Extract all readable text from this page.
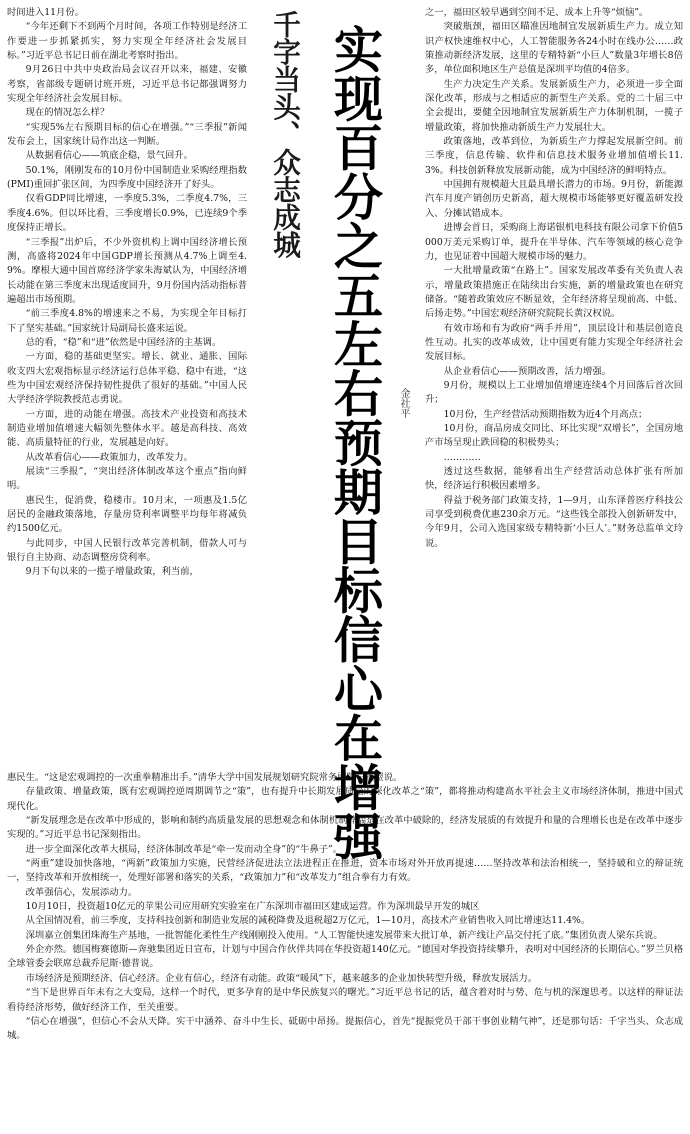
时间进入11月份。

“今年还剩下不到两个月时间，各项工作特别是经济工作要进一步抓紧抓实，努力实现全年经济社会发展目标。”习近平总书记日前在湖北考察时指出。

9月26日中共中央政治局会议召开以来，福建、安徽考察，省部级专题研讨班开班，习近平总书记都强调努力实现全年经济社会发展目标。

现在的情况怎么样？

“实现5%左右预期目标的信心在增强。”“三季报”新闻发布会上，国家统计局作出这一判断。

从数据看信心——筑底企稳，景气回升。

50.1%，刚刚发布的10月份中国制造业采购经理指数(PMI)重回扩张区间，为四季度中国经济开了好头。

仅看GDP同比增速，一季度5.3%，二季度4.7%，三季度4.6%。但以环比看，三季度增长0.9%，已连续9个季度保持正增长。

“三季报”出炉后，不少外资机构上调中国经济增长预测，高盛将2024年中国GDP增长预测从4.7%上调至4.9%。摩根大通中国首席经济学家朱海斌认为，中国经济增长动能在第三季度末出现适度回升，9月份国内活动指标普遍超出市场预期。

“前三季度4.8%的增速来之不易，为实现全年目标打下了坚实基础。”国家统计局副局长盛来运说。

总的看，“稳”和“进”依然是中国经济的主基调。

一方面，稳的基础更坚实。增长、就业、通胀、国际收支四大宏观指标显示经济运行总体平稳、稳中有进，“这些为中国宏观经济保持韧性提供了很好的基础。”中国人民大学经济学院教授范志勇说。

一方面，进的动能在增强。高技术产业投资和高技术制造业增加值增速大幅领先整体水平。越是高科技、高效能、高质量特征的行业，发展越是向好。

从改革看信心——政策加力，改革发力。

展读“三季报”，“突出经济体制改革这个重点”指向鲜明。

惠民生，促消费，稳楼市。10月末，一项惠及1.5亿居民的金融政策落地，存量房贷利率调整平均每年将减负约1500亿元。

与此同步，中国人民银行改革完善机制，借款人可与银行自主协商、动态调整房贷利率。

9月下旬以来的一揽子增量政策，利当前，

千字当头、众志成城 实现百分之五左右预期目标信心在增强 金社平

之一，福田区较早遇到空间不足、成本上升等“烦恼”。

突破瓶颈，福田区瞄准因地制宜发展新质生产力。成立知识产权快速维权中心，人工智能服务各24小时在线办公……政策推动新经济发展，这里的专精特新“小巨人”数量3年增长8倍多，单位面积地区生产总值是深圳平均值的4倍多。

生产力决定生产关系。发展新质生产力，必须进一步全面深化改革，形成与之相适应的新型生产关系。党的二十届三中全会提出，要健全因地制宜发展新质生产力体制机制，一揽子增量政策，将加快推动新质生产力发展壮大。

政策落地，改革到位，为新质生产力撑起发展新空间。前三季度，信息传输、软件和信息技术服务业增加值增长11.3%。科技创新释放发展新动能，成为中国经济的鲜明特点。

中国拥有规模超大且最具增长潜力的市场。9月份，新能源汽车月度产销创历史新高，超大规模市场能够更好覆盖研发投入、分摊试错成本。

进博会首日，采购商上海诺银机电科技有限公司拿下价值5000万美元采购订单，提升在半导体、汽车等领域的核心竞争力，也见证着中国超大规模市场的魅力。

一大批增量政策“在路上”。国家发展改革委有关负责人表示，增量政策措施正在陆续出台实施，新的增量政策也在研究储备。“随着政策效应不断显效，全年经济将呈现前高、中低、后扬走势。”中国宏观经济研究院院长黄汉权说。

有效市场和有为政府“两手并用”，顶层设计和基层创造良性互动。扎实的改革成效，让中国更有能力实现全年经济社会发展目标。

从企业看信心——预期改善，活力增强。

9月份，规模以上工业增加值增速连续4个月回落后首次回升；

10月份，生产经营活动预期指数为近4个月高点；

10月份，商品房成交同比、环比实现“双增长”，全国房地产市场呈现止跌回稳的积极势头；

…………

透过这些数据，能够看出生产经营活动总体扩张有所加快，经济运行积极因素增多。

得益于税务部门政策支持，1—9月，山东泽普医疗科技公司享受到税费优惠230余万元。“这些钱全部投入创新研发中，今年9月，公司入选国家级专精特新‘小巨人’。”财务总监单文玲说。

惠民生。“这是宏观调控的一次重拳精准出手。”清华大学中国发展规划研究院常务副院长董煜说。

存量政策、增量政策，既有宏观调控逆周期调节之“策”，也有提升中长期发展质量的深化改革之“策”，都将推动构建高水平社会主义市场经济体制，推进中国式现代化。

“新发展理念是在改革中形成的，影响和制约高质量发展的思想观念和体制机制弊端是在改革中破除的，经济发展质的有效提升和量的合理增长也是在改革中逐步实现的。”习近平总书记深刻指出。

进一步全面深化改革大棋局，经济体制改革是“牵一发而动全身”的“牛鼻子”。

“两重”建设加快落地，“两新”政策加力实施，民营经济促进法立法进程正在推进，资本市场对外开放再提速……坚持改革和法治相统一，坚持破和立的辩证统一，坚持改革和开放相统一，处理好部署和落实的关系，“政策加力”和“改革发力”组合拳有力有效。

改革强信心，发展添动力。

10月10日，投资超10亿元的苹果公司应用研究实验室在广东深圳市福田区建成运营。作为深圳最早开发的城区

从全国情况看，前三季度，支持科技创新和制造业发展的减税降费及退税超2万亿元，1—10月，高技术产业销售收入同比增速达11.4%。

深圳嘉立创集团珠海生产基地，一批智能化柔性生产线刚刚投入使用。“人工智能快速发展带来大批订单，新产线让产品交付托了底。”集团负责人梁东兵说。

外企亦然。德国梅赛德斯—奔驰集团近日宣布，计划与中国合作伙伴共同在华投资超140亿元。“德国对华投资持续攀升，表明对中国经济的长期信心。”罗兰贝格全球管委会联席总裁乔尼斯·德普说。

市场经济是预期经济、信心经济。企业有信心，经济有动能。政策“暖风”下，越来越多的企业加快转型升级，释放发展活力。

“当下是世界百年未有之大变局，这样一个时代，更多孕育的是中华民族复兴的曙光。”习近平总书记的话，蕴含着对时与势、危与机的深邃思考。以这样的辩证法看待经济形势，做好经济工作，至关重要。

“信心在增强”，但信心不会从天降。实干中涵养、奋斗中生长、砥砺中昂扬。提振信心，首先“提振党员干部干事创业精气神”，还是那句话：千字当头、众志成城。
